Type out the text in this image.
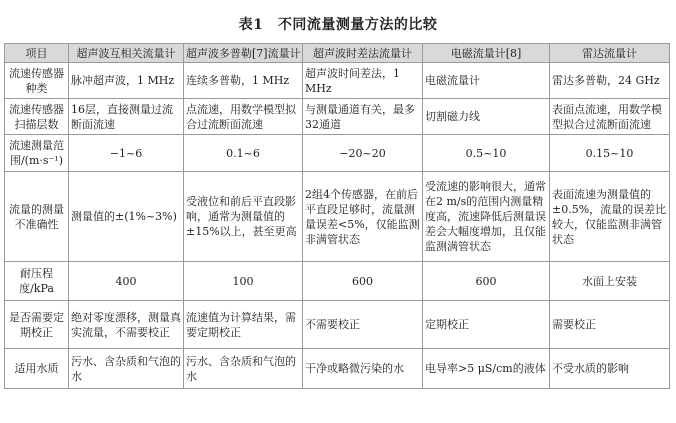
表1　不同流量测量方法的比较
项目	超声波互相关流量计	超声波多普勒[7]流量计	超声波时差法流量计	电磁流量计[8]	雷达流量计
流速传感器种类	脉冲超声波，1 MHz	连续多普勒，1 MHz	超声波时间差法，1 MHz	电磁流量计	雷达多普勒，24 GHz
流速传感器扫描层数	16层，直接测量过流断面流速	点流速，用数学模型拟合过流断面流速	与测量通道有关，最多32通道	切割磁力线	表面点流速，用数学模型拟合过流断面流速
流速测量范围/(m·s⁻¹)	−1~6	0.1~6	−20~20	0.5~10	0.15~10
流量的测量不准确性	测量值的±(1%~3%)	受液位和前后平直段影响，通常为测量值的±15%以上，甚至更高	2组4个传感器，在前后平直段足够时，流量测量误差<5%，仅能监测非满管状态	受流速的影响很大，通常在2 m/s的范围内测量精度高，流速降低后测量误差会大幅度增加，且仅能监测满管状态	表面流速为测量值的±0.5%，流量的误差比较大，仅能监测非满管状态
耐压程度/kPa	400	100	600	600	水面上安装
是否需要定期校正	绝对零度漂移，测量真实流量，不需要校正	流速值为计算结果，需要定期校正	不需要校正	定期校正	需要校正
适用水质	污水、含杂质和气泡的水	污水、含杂质和气泡的水	干净或略微污染的水	电导率>5 μS/cm的液体	不受水质的影响
